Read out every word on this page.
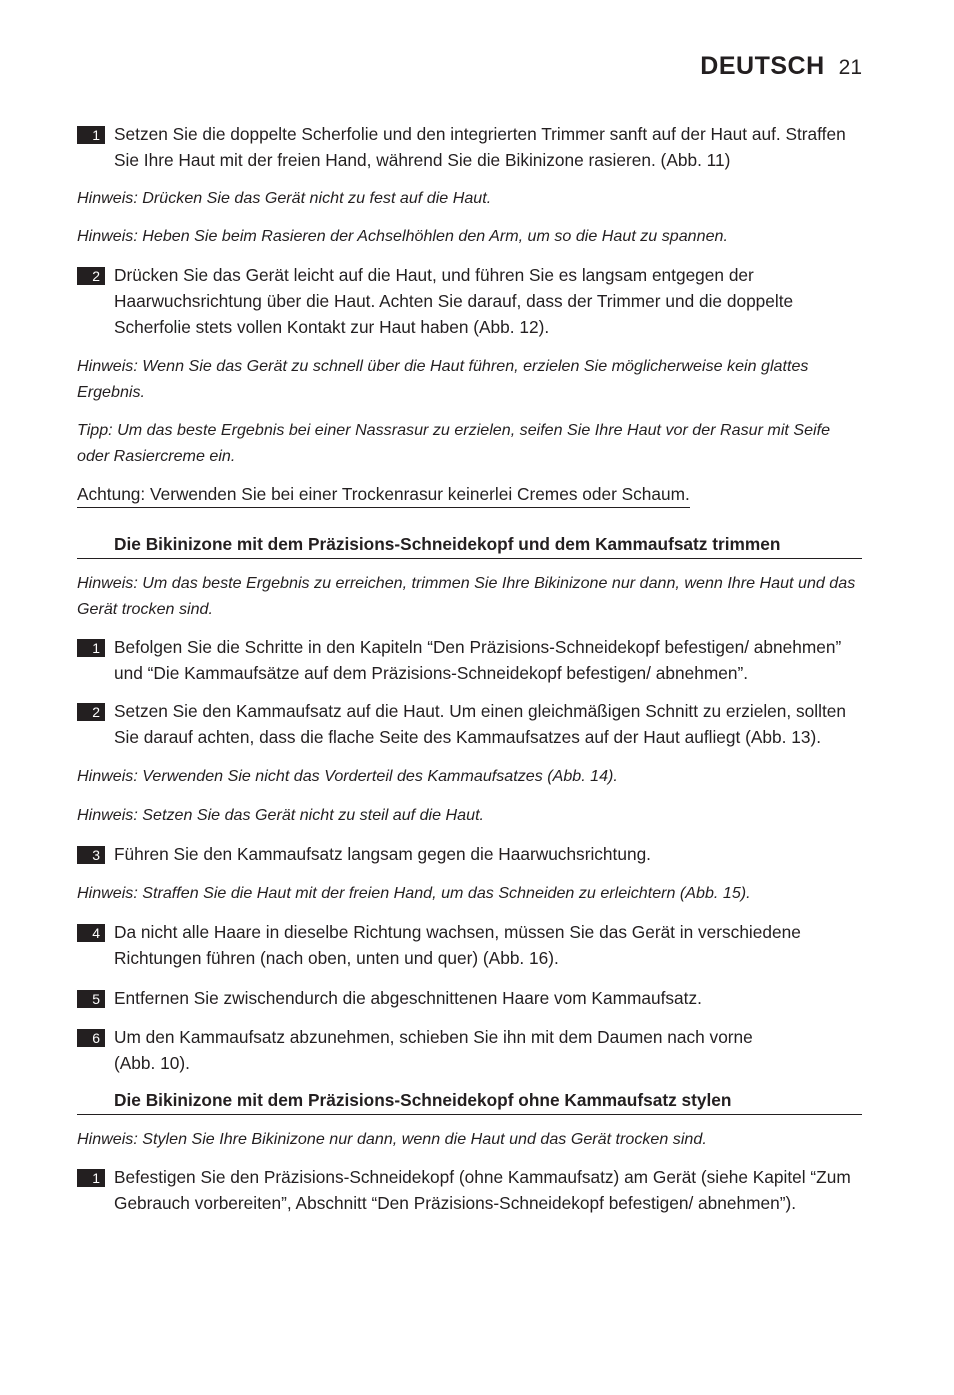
DEUTSCH 21
1 Setzen Sie die doppelte Scherfolie und den integrierten Trimmer sanft auf der Haut auf. Straffen Sie Ihre Haut mit der freien Hand, während Sie die Bikinizone rasieren. (Abb. 11)
Hinweis: Drücken Sie das Gerät nicht zu fest auf die Haut.
Hinweis: Heben Sie beim Rasieren der Achselhöhlen den Arm, um so die Haut zu spannen.
2 Drücken Sie das Gerät leicht auf die Haut, und führen Sie es langsam entgegen der Haarwuchsrichtung über die Haut. Achten Sie darauf, dass der Trimmer und die doppelte Scherfolie stets vollen Kontakt zur Haut haben (Abb. 12).
Hinweis: Wenn Sie das Gerät zu schnell über die Haut führen, erzielen Sie möglicherweise kein glattes Ergebnis.
Tipp: Um das beste Ergebnis bei einer Nassrasur zu erzielen, seifen Sie Ihre Haut vor der Rasur mit Seife oder Rasiercreme ein.
Achtung: Verwenden Sie bei einer Trockenrasur keinerlei Cremes oder Schaum.
Die Bikinizone mit dem Präzisions-Schneidekopf und dem Kammaufsatz trimmen
Hinweis: Um das beste Ergebnis zu erreichen, trimmen Sie Ihre Bikinizone nur dann, wenn Ihre Haut und das Gerät trocken sind.
1 Befolgen Sie die Schritte in den Kapiteln “Den Präzisions-Schneidekopf befestigen/ abnehmen” und “Die Kammaufsätze auf dem Präzisions-Schneidekopf befestigen/ abnehmen”.
2 Setzen Sie den Kammaufsatz auf die Haut. Um einen gleichmäßigen Schnitt zu erzielen, sollten Sie darauf achten, dass die flache Seite des Kammaufsatzes auf der Haut aufliegt (Abb. 13).
Hinweis: Verwenden Sie nicht das Vorderteil des Kammaufsatzes (Abb. 14).
Hinweis: Setzen Sie das Gerät nicht zu steil auf die Haut.
3 Führen Sie den Kammaufsatz langsam gegen die Haarwuchsrichtung.
Hinweis: Straffen Sie die Haut mit der freien Hand, um das Schneiden zu erleichtern (Abb. 15).
4 Da nicht alle Haare in dieselbe Richtung wachsen, müssen Sie das Gerät in verschiedene Richtungen führen (nach oben, unten und quer) (Abb. 16).
5 Entfernen Sie zwischendurch die abgeschnittenen Haare vom Kammaufsatz.
6 Um den Kammaufsatz abzunehmen, schieben Sie ihn mit dem Daumen nach vorne (Abb. 10).
Die Bikinizone mit dem Präzisions-Schneidekopf ohne Kammaufsatz stylen
Hinweis: Stylen Sie Ihre Bikinizone nur dann, wenn die Haut und das Gerät trocken sind.
1 Befestigen Sie den Präzisions-Schneidekopf (ohne Kammaufsatz) am Gerät (siehe Kapitel “Zum Gebrauch vorbereiten”, Abschnitt “Den Präzisions-Schneidekopf befestigen/ abnehmen”).
